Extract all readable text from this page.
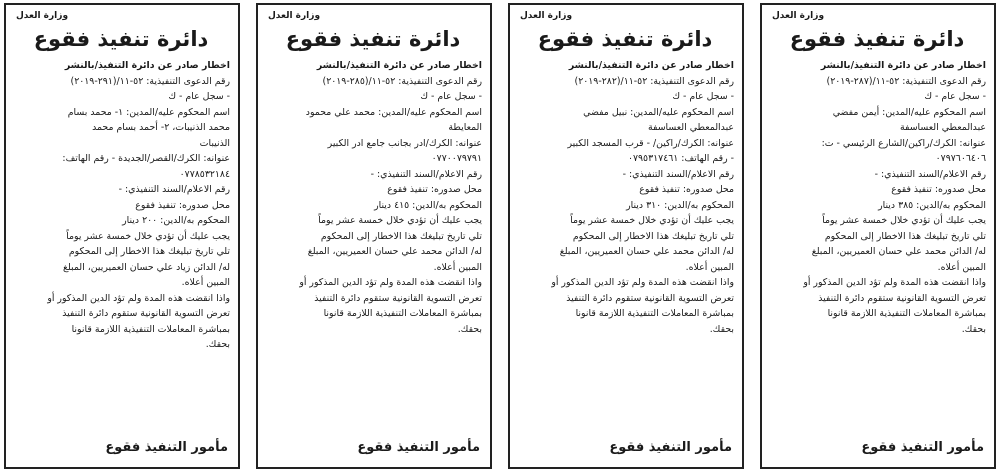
وزارة العدل
دائرة تنفيذ فقوع
اخطار صادر عن دائرة التنفيذ/بالنشر
رقم الدعوى التنفيذية: ٥٢-١١/(٢٨٧-٢٠١٩)
- سجل عام - ك
اسم المحكوم عليه/المدين: أيمن مفضي
عبدالمعطي العساسفة
عنوانه: الكرك/راكين/الشارع الرئيسي - ت:
٠٧٩٧٦٠٦٤٠٦
رقم الاعلام/السند التنفيذي: -
محل صدوره: تنفيذ فقوع
المحكوم به/الدين: ٣٨٥ دينار
يجب عليك أن تؤدي خلال خمسة عشر يوماً
تلي تاريخ تبليغك هذا الاخطار إلى المحكوم
له/ الدائن محمد علي حسان العميريين، المبلغ
المبين أعلاه.
واذا انقضت هذه المدة ولم تؤد الدين المذكور أو
تعرض التسوية القانونية ستقوم دائرة التنفيذ
بمباشرة المعاملات التنفيذية اللازمة قانونا
بحقك.
مأمور التنفيذ فقوع
وزارة العدل
دائرة تنفيذ فقوع
اخطار صادر عن دائرة التنفيذ/بالنشر
رقم الدعوى التنفيذية: ٥٢-١١/(٢٨٢-٢٠١٩)
- سجل عام - ك
اسم المحكوم عليه/المدين: نبيل مفضي
عبدالمعطي العساسفة
عنوانه: الكرك/راكين/ - قرب المسجد الكبير
- رقم الهاتف: ٠٧٩٥٣١٧٤٦١
رقم الاعلام/السند التنفيذي: -
محل صدوره: تنفيذ فقوع
المحكوم به/الدين: ٣١٠ دينار
يجب عليك أن تؤدي خلال خمسة عشر يوماً
تلي تاريخ تبليغك هذا الاخطار إلى المحكوم
له/ الدائن محمد علي حسان العميريين، المبلغ
المبين أعلاه.
واذا انقضت هذه المدة ولم تؤد الدين المذكور أو
تعرض التسوية القانونية ستقوم دائرة التنفيذ
بمباشرة المعاملات التنفيذية اللازمة قانونا
بحقك.
مأمور التنفيذ فقوع
وزارة العدل
دائرة تنفيذ فقوع
اخطار صادر عن دائرة التنفيذ/بالنشر
رقم الدعوى التنفيذية: ٥٢-١١/(٢٨٥-٢٠١٩)
- سجل عام - ك
اسم المحكوم عليه/المدين: محمد علي محمود
المعايطة
عنوانه: الكرك/ادر بجانب جامع ادر الكبير
٠٧٧٠٠٧٩٧٩١
رقم الاعلام/السند التنفيذي: -
محل صدوره: تنفيذ فقوع
المحكوم به/الدين: ٤١٥ دينار
يجب عليك أن تؤدي خلال خمسة عشر يوماً
تلي تاريخ تبليغك هذا الاخطار إلى المحكوم
له/ الدائن محمد علي حسان العميريين، المبلغ
المبين أعلاه.
واذا انقضت هذه المدة ولم تؤد الدين المذكور أو
تعرض التسوية القانونية ستقوم دائرة التنفيذ
بمباشرة المعاملات التنفيذية اللازمة قانونا
بحقك.
مأمور التنفيذ فقوع
وزارة العدل
دائرة تنفيذ فقوع
اخطار صادر عن دائرة التنفيذ/بالنشر
رقم الدعوى التنفيذية: ٥٢-١١/(٢٩١-٢٠١٩)
- سجل عام - ك
اسم المحكوم عليه/المدين: ١- محمد بسام
محمد الذنيبات، ٢- أحمد بسام محمد
الذنيبات
عنوانه: الكرك/القصر/الجديدة - رقم الهاتف:
٠٧٧٨٥٣٢١٨٤
رقم الاعلام/السند التنفيذي: -
محل صدوره: تنفيذ فقوع
المحكوم به/الدين: ٢٠٠ دينار
يجب عليك أن تؤدي خلال خمسة عشر يوماً
تلي تاريخ تبليغك هذا الاخطار إلى المحكوم
له/ الدائن زياد علي حسان العميريين، المبلغ
المبين أعلاه.
واذا انقضت هذه المدة ولم تؤد الدين المذكور أو
تعرض التسوية القانونية ستقوم دائرة التنفيذ
بمباشرة المعاملات التنفيذية اللازمة قانونا
بحقك.
مأمور التنفيذ فقوع
